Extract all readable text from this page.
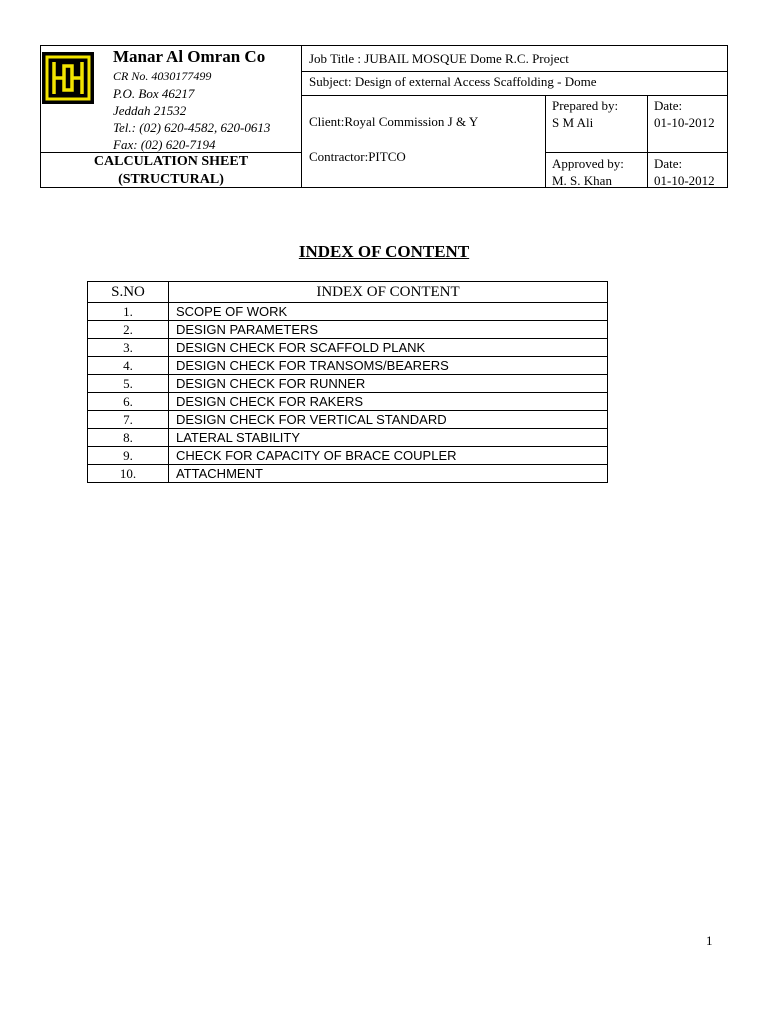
Manar Al Omran Co
CR No. 4030177499
P.O. Box 46217
Jeddah 21532
Tel.: (02) 620-4582, 620-0613
Fax: (02) 620-7194
CALCULATION SHEET
(STRUCTURAL)
Job Title : JUBAIL MOSQUE Dome R.C. Project
Subject: Design of external Access Scaffolding - Dome
Client:Royal Commission J & Y
Contractor:PITCO
Prepared by:
S M Ali
Date:
01-10-2012
Approved by:
M. S. Khan
Date:
01-10-2012
INDEX OF CONTENT
S.NO	INDEX OF CONTENT
1.	SCOPE OF WORK
2.	DESIGN PARAMETERS
3.	DESIGN CHECK FOR SCAFFOLD PLANK
4.	DESIGN CHECK FOR TRANSOMS/BEARERS
5.	DESIGN CHECK FOR RUNNER
6.	DESIGN CHECK FOR RAKERS
7.	DESIGN CHECK FOR VERTICAL STANDARD
8.	LATERAL STABILITY
9.	CHECK FOR CAPACITY OF BRACE COUPLER
10.	ATTACHMENT
1
